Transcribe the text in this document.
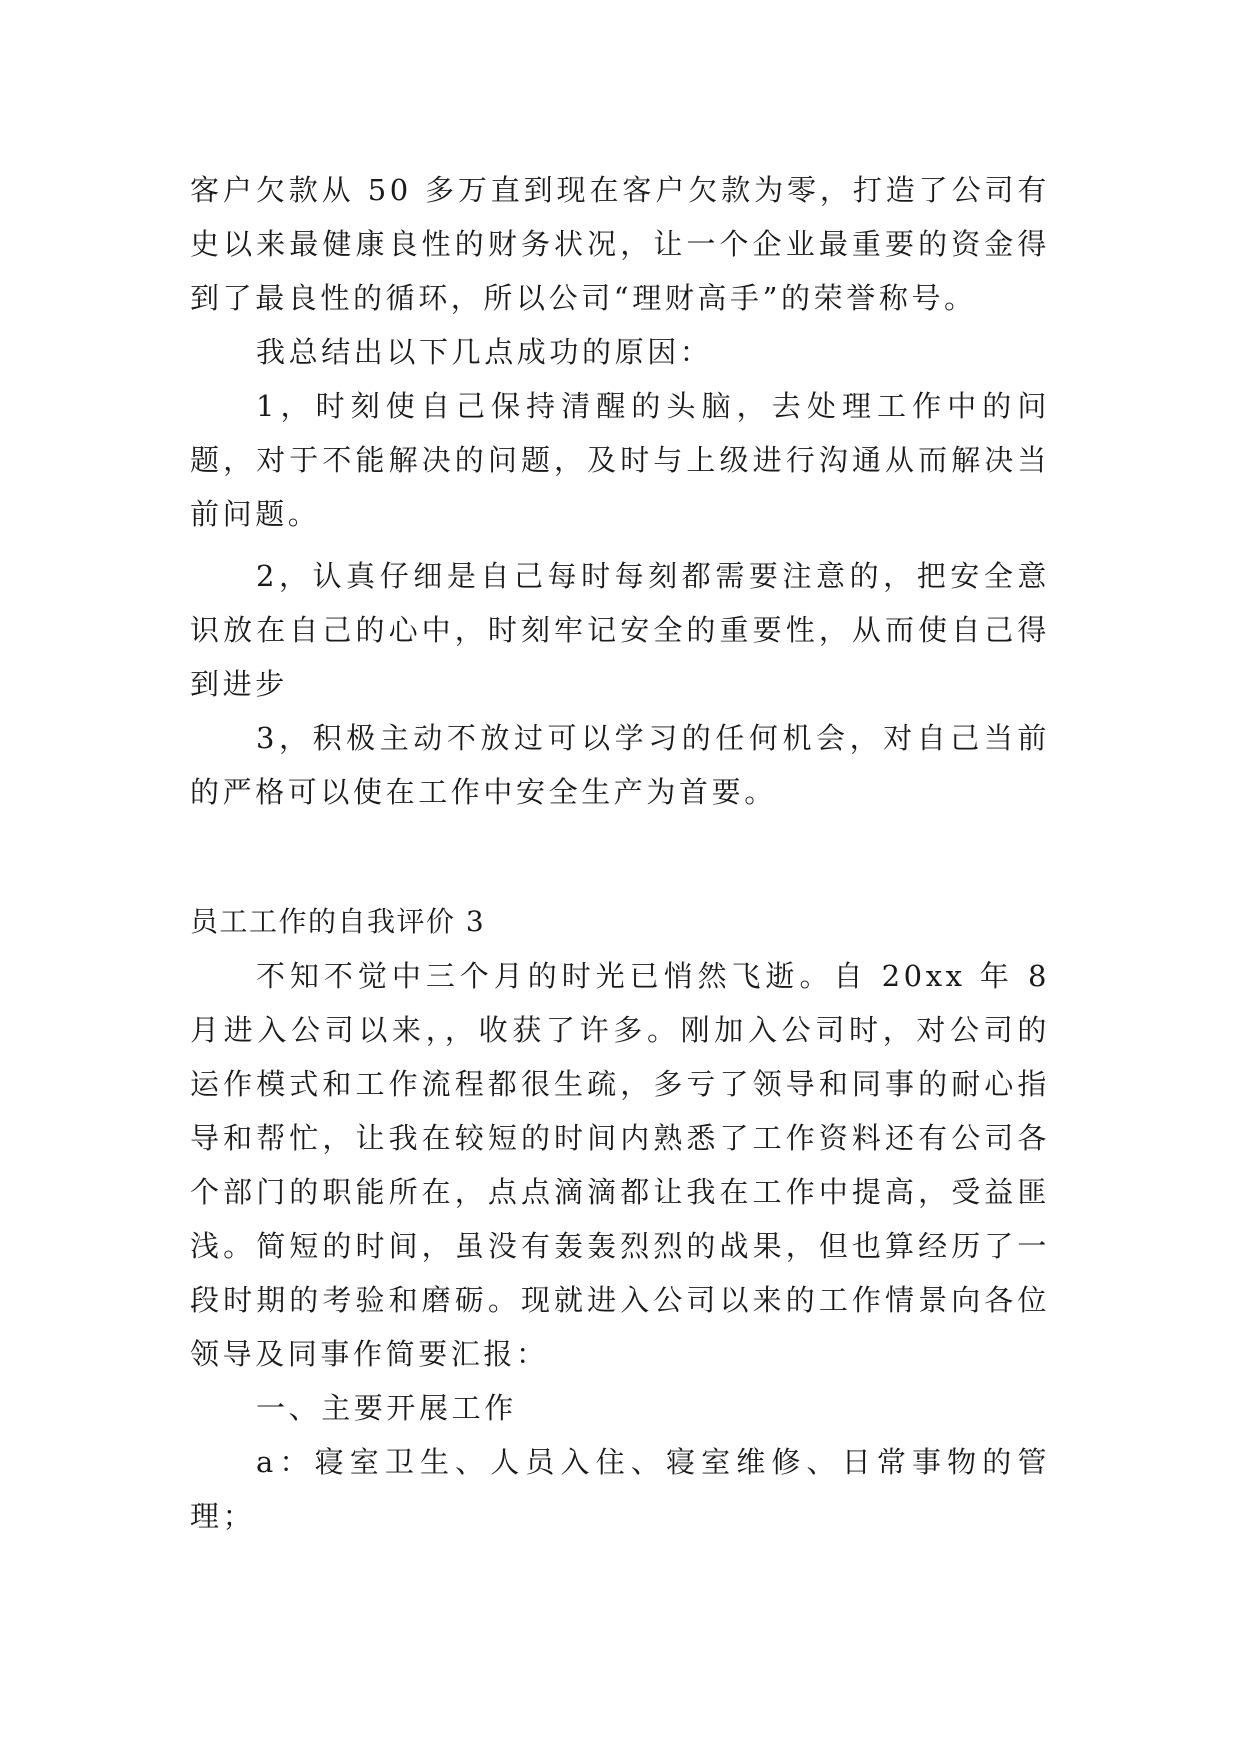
客户欠款从 50 多万直到现在客户欠款为零，打造了公司有史以来最健康良性的财务状况，让一个企业最重要的资金得到了最良性的循环，所以公司“理财高手”的荣誉称号。

我总结出以下几点成功的原因：

1，时刻使自己保持清醒的头脑，去处理工作中的问题，对于不能解决的问题，及时与上级进行沟通从而解决当前问题。

2，认真仔细是自己每时每刻都需要注意的，把安全意识放在自己的心中，时刻牢记安全的重要性，从而使自己得到进步

3，积极主动不放过可以学习的任何机会，对自己当前的严格可以使在工作中安全生产为首要。

员工工作的自我评价 3

不知不觉中三个月的时光已悄然飞逝。自 20xx 年 8 月进入公司以来，，收获了许多。刚加入公司时，对公司的运作模式和工作流程都很生疏，多亏了领导和同事的耐心指导和帮忙，让我在较短的时间内熟悉了工作资料还有公司各个部门的职能所在，点点滴滴都让我在工作中提高，受益匪浅。简短的时间，虽没有轰轰烈烈的战果，但也算经历了一段时期的考验和磨砺。现就进入公司以来的工作情景向各位领导及同事作简要汇报：

一、主要开展工作

a：寝室卫生、人员入住、寝室维修、日常事物的管理；
